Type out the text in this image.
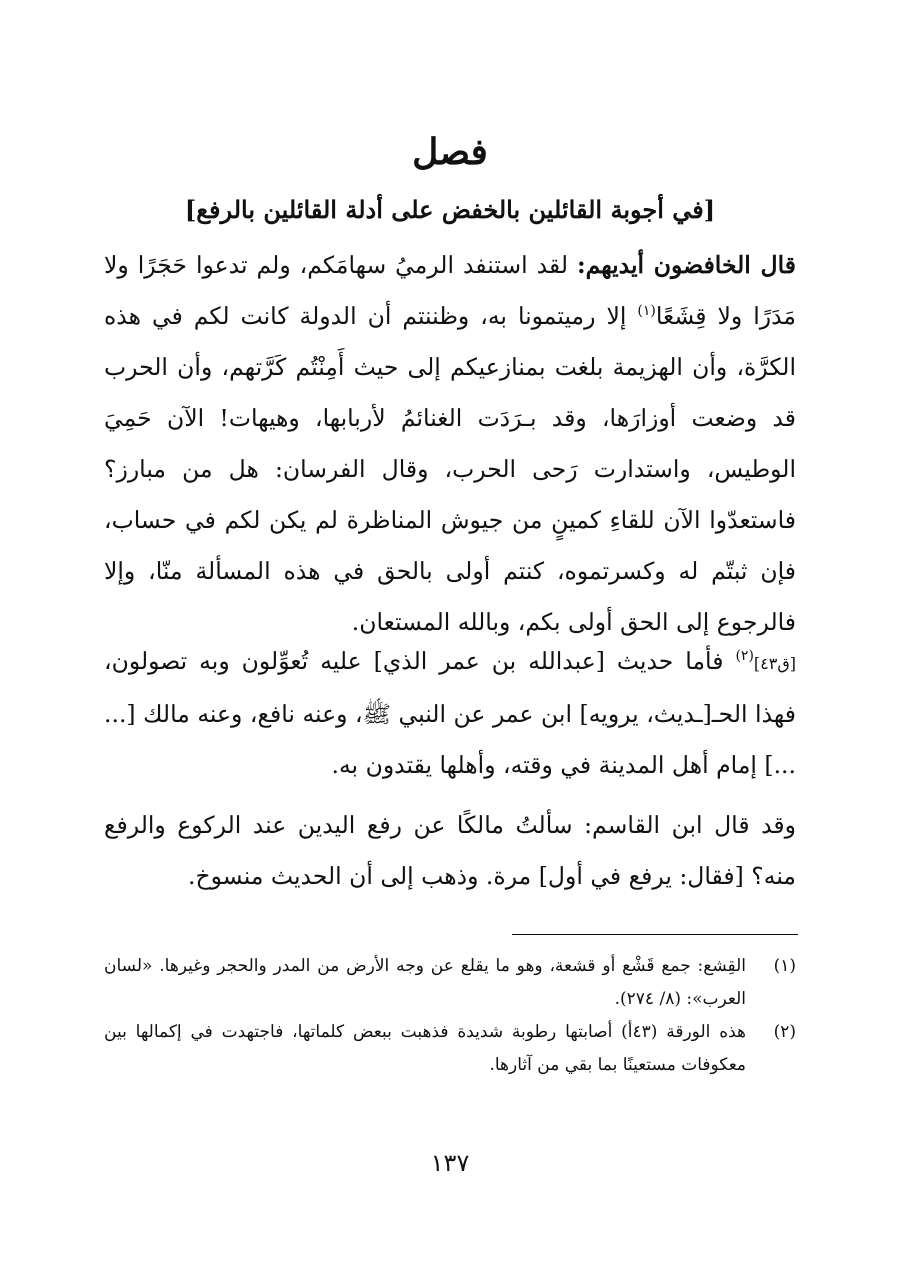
فصل
[في أجوبة القائلين بالخفض على أدلة القائلين بالرفع]

قال الخافضون أيديهم: لقد استنفد الرميُ سهامَكم، ولم تدعوا حَجَرًا ولا مَدَرًا ولا قِشَعًا$^{(١)}$ إلا رميتمونا به، وظننتم أن الدولة كانت لكم في هذه الكرَّة، وأن الهزيمة بلغت بمنازعيكم إلى حيث أَمِنْتُم كَرَّتهم، وأن الحرب قد وضعت أوزارَها، وقد بـرَدَت الغنائمُ لأربابها، وهيهات! الآن حَمِيَ الوطيس، واستدارت رَحى الحرب، وقال الفرسان: هل من مبارز؟ فاستعدّوا الآن للقاءِ كمينٍ من جيوش المناظرة لم يكن لكم في حساب، فإن ثبتّم له وكسرتموه، كنتم أولى بالحق في هذه المسألة منّا، وإلا فالرجوع إلى الحق أولى بكم، وبالله المستعان.

[ق٤٣]$^{(٢)}$ فأما حديث [عبدالله بن عمر الذي] عليه تُعوِّلون وبه تصولون، فهذا الحـ[ـديث، يرويه] ابن عمر عن النبي ﷺ، وعنه نافع، وعنه مالك [... ...] إمام أهل المدينة في وقته، وأهلها يقتدون به.

وقد قال ابن القاسم: سألتُ مالكًا عن رفع اليدين عند الركوع والرفع منه؟ [فقال: يرفع في أول] مرة. وذهب إلى أن الحديث منسوخ.

(١)
القِشع: جمع قَشْع أو قشعة، وهو ما يقلع عن وجه الأرض من المدر والحجر وغيرها. «لسان العرب»: (٨/ ٢٧٤).
(٢)
هذه الورقة (٤٣أ) أصابتها رطوبة شديدة فذهبت ببعض كلماتها، فاجتهدت في إكمالها بين معكوفات مستعينًا بما بقي من آثارها.
١٣٧
